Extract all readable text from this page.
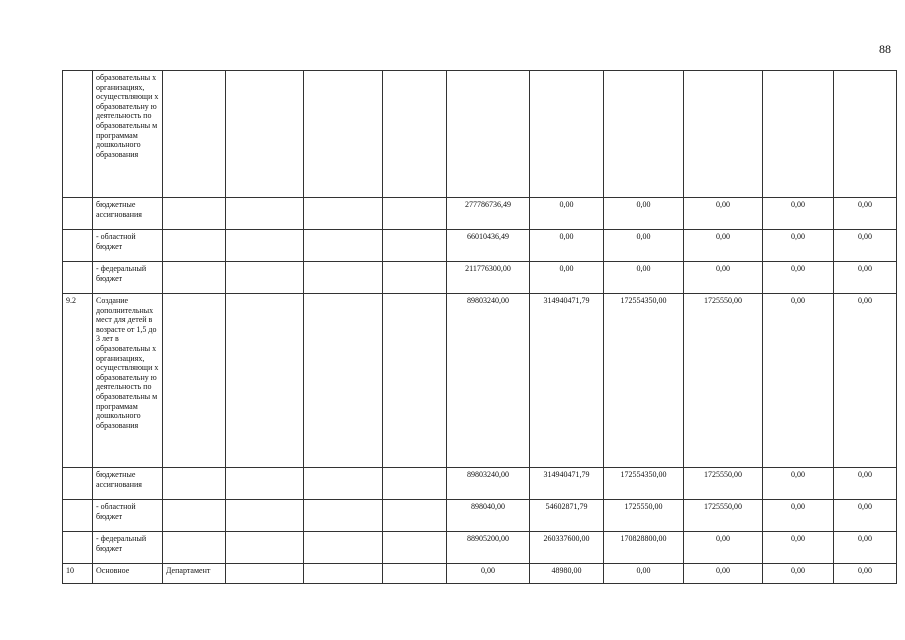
88
	образовательны х организациях, осуществляющи х образовательну ю деятельность по образовательны м программам дошкольного образования										
	бюджетные ассигнования					277786736,49	0,00	0,00	0,00	0,00	0,00
	- областной бюджет					66010436,49	0,00	0,00	0,00	0,00	0,00
	- федеральный бюджет					211776300,00	0,00	0,00	0,00	0,00	0,00
9.2	Создание дополнительных мест для детей в возрасте от 1,5 до 3 лет в образовательны х организациях, осуществляющи х образовательну ю деятельность по образовательны м программам дошкольного образования					89803240,00	314940471,79	172554350,00	1725550,00	0,00	0,00
	бюджетные ассигнования					89803240,00	314940471,79	172554350,00	1725550,00	0,00	0,00
	- областной бюджет					898040,00	54602871,79	1725550,00	1725550,00	0,00	0,00
	- федеральный бюджет					88905200,00	260337600,00	170828800,00	0,00	0,00	0,00
10	Основное	Департамент				0,00	48980,00	0,00	0,00	0,00	0,00
